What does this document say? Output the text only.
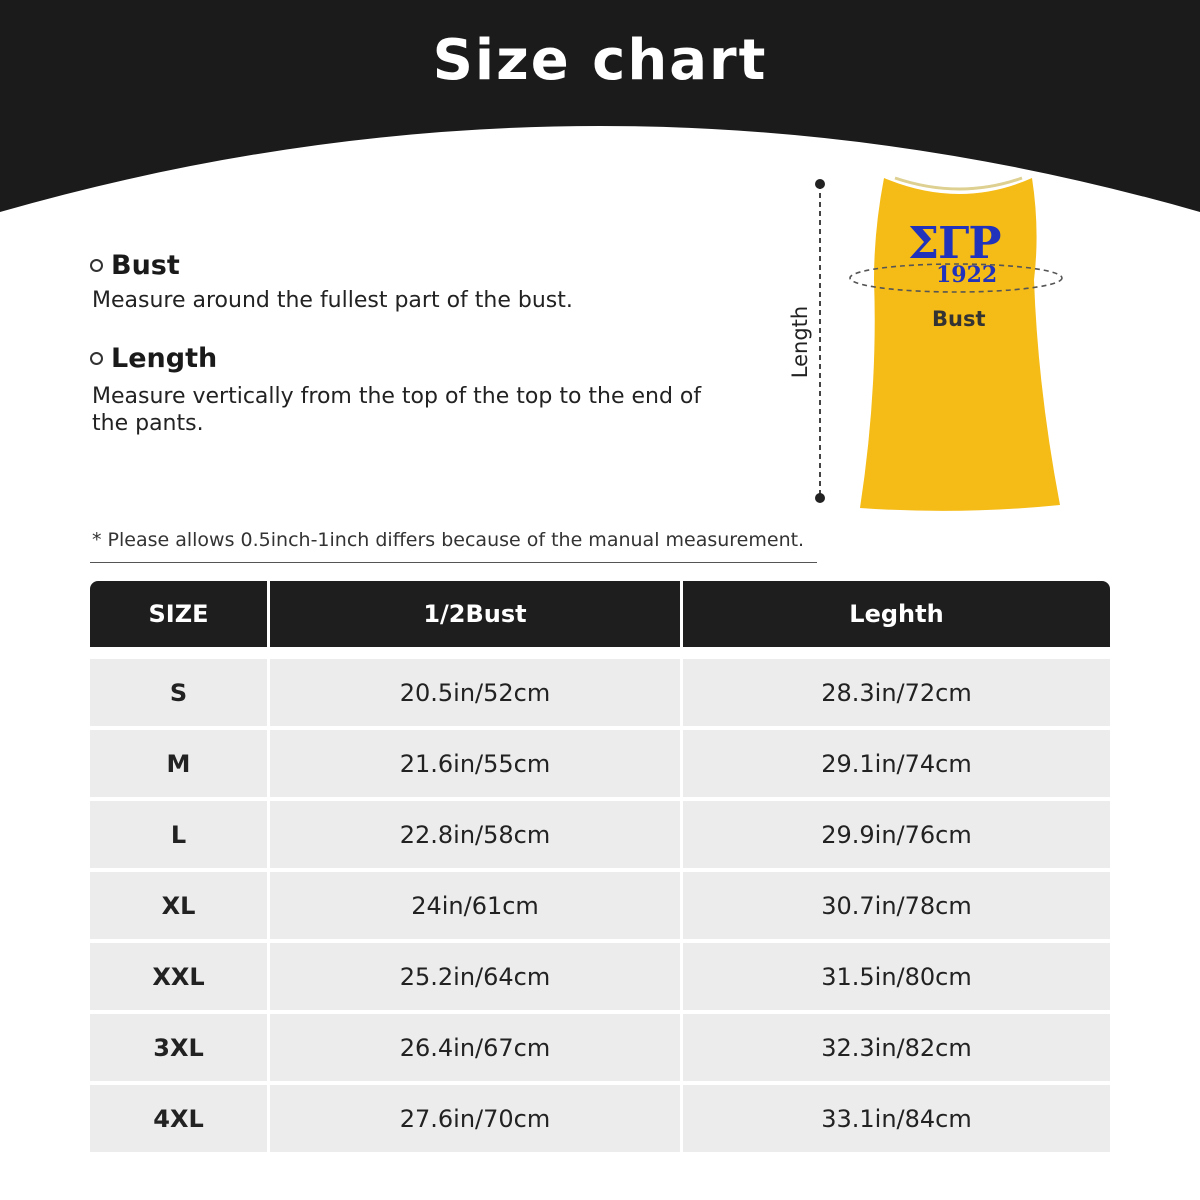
Size chart
Bust
Measure around the fullest part of the bust.
Length
Measure vertically from the top of the top to the end of
the pants.
* Please allows 0.5inch-1inch differs because of the manual measurement.
ΣΓΡ
1922
Bust
Length
SIZE	1/2Bust	Leghth
S	20.5in/52cm	28.3in/72cm
M	21.6in/55cm	29.1in/74cm
L	22.8in/58cm	29.9in/76cm
XL	24in/61cm	30.7in/78cm
XXL	25.2in/64cm	31.5in/80cm
3XL	26.4in/67cm	32.3in/82cm
4XL	27.6in/70cm	33.1in/84cm
